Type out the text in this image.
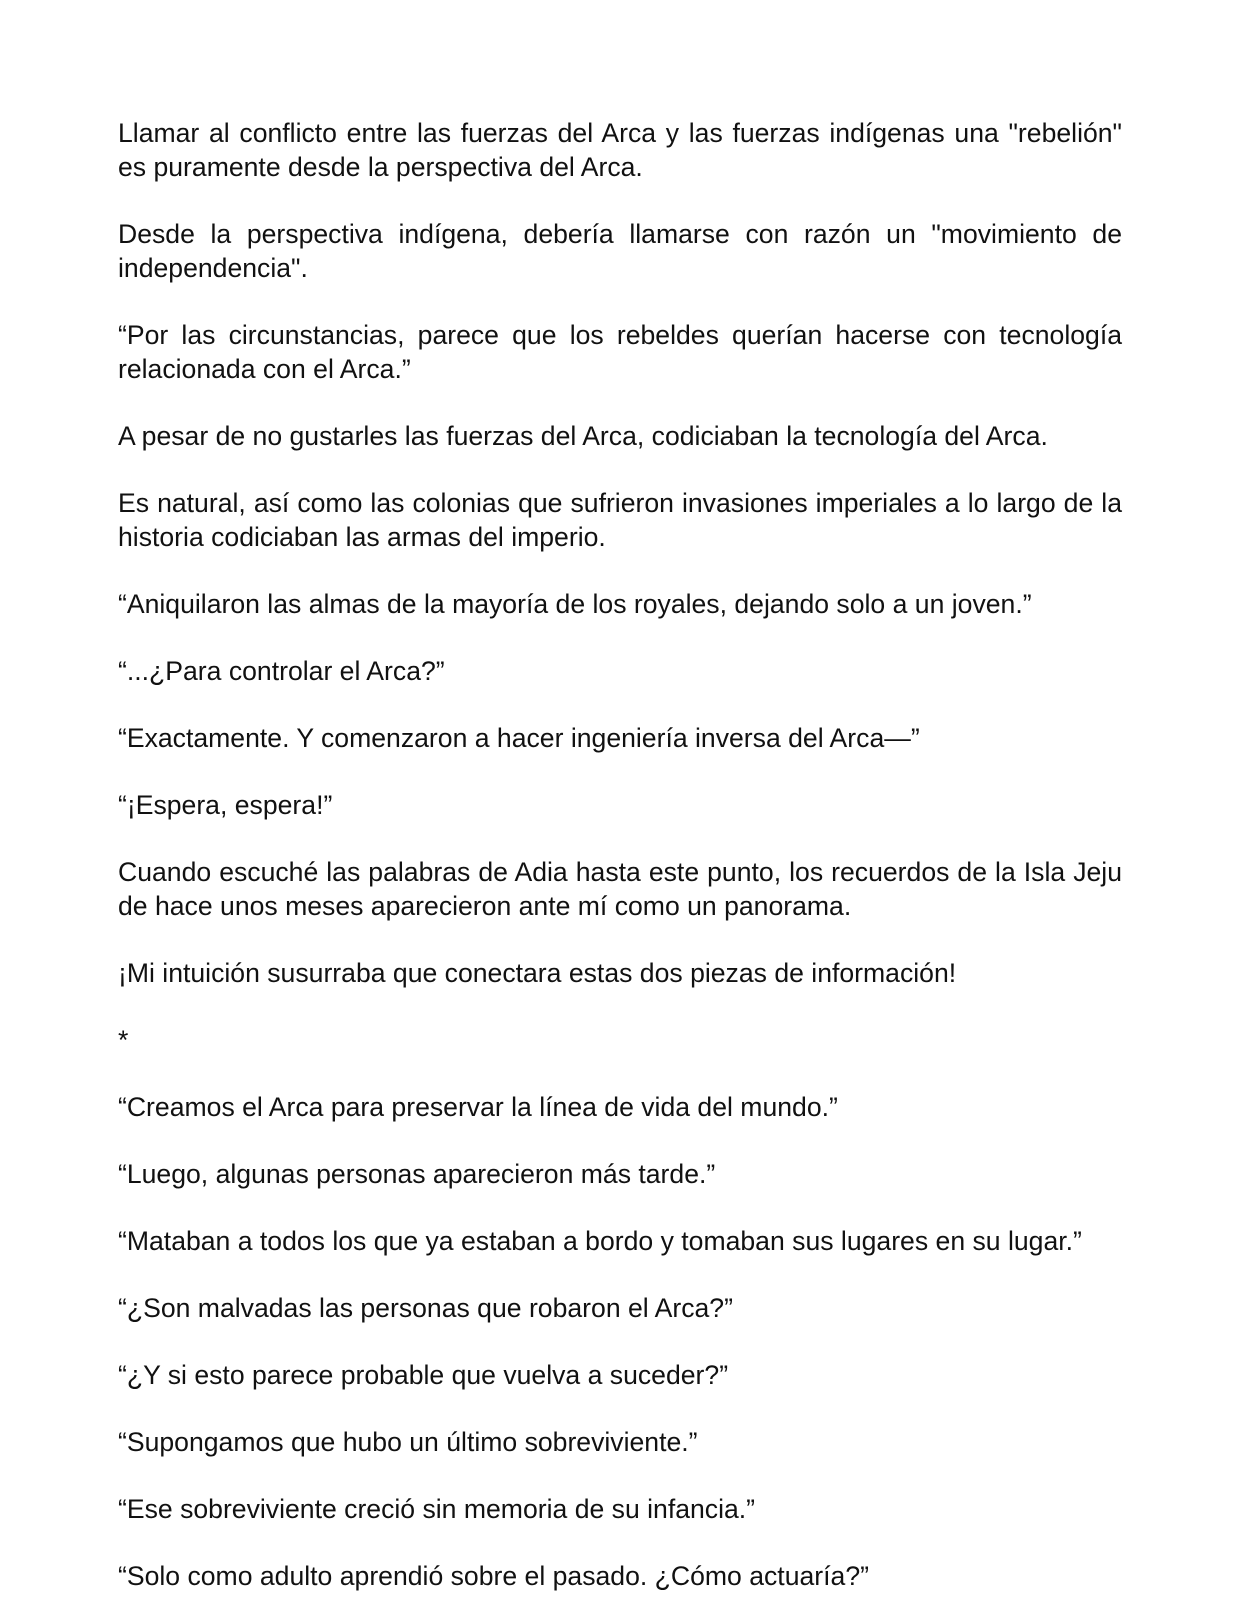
Llamar al conflicto entre las fuerzas del Arca y las fuerzas indígenas una "rebelión" es puramente desde la perspectiva del Arca.

Desde la perspectiva indígena, debería llamarse con razón un "movimiento de independencia".

“Por las circunstancias, parece que los rebeldes querían hacerse con tecnología relacionada con el Arca.”

A pesar de no gustarles las fuerzas del Arca, codiciaban la tecnología del Arca.

Es natural, así como las colonias que sufrieron invasiones imperiales a lo largo de la historia codiciaban las armas del imperio.

“Aniquilaron las almas de la mayoría de los royales, dejando solo a un joven.”

“...¿Para controlar el Arca?”

“Exactamente. Y comenzaron a hacer ingeniería inversa del Arca—”

“¡Espera, espera!”

Cuando escuché las palabras de Adia hasta este punto, los recuerdos de la Isla Jeju de hace unos meses aparecieron ante mí como un panorama.

¡Mi intuición susurraba que conectara estas dos piezas de información!

*

“Creamos el Arca para preservar la línea de vida del mundo.”

“Luego, algunas personas aparecieron más tarde.”

“Mataban a todos los que ya estaban a bordo y tomaban sus lugares en su lugar.”

“¿Son malvadas las personas que robaron el Arca?”

“¿Y si esto parece probable que vuelva a suceder?”

“Supongamos que hubo un último sobreviviente.”

“Ese sobreviviente creció sin memoria de su infancia.”

“Solo como adulto aprendió sobre el pasado. ¿Cómo actuaría?”
